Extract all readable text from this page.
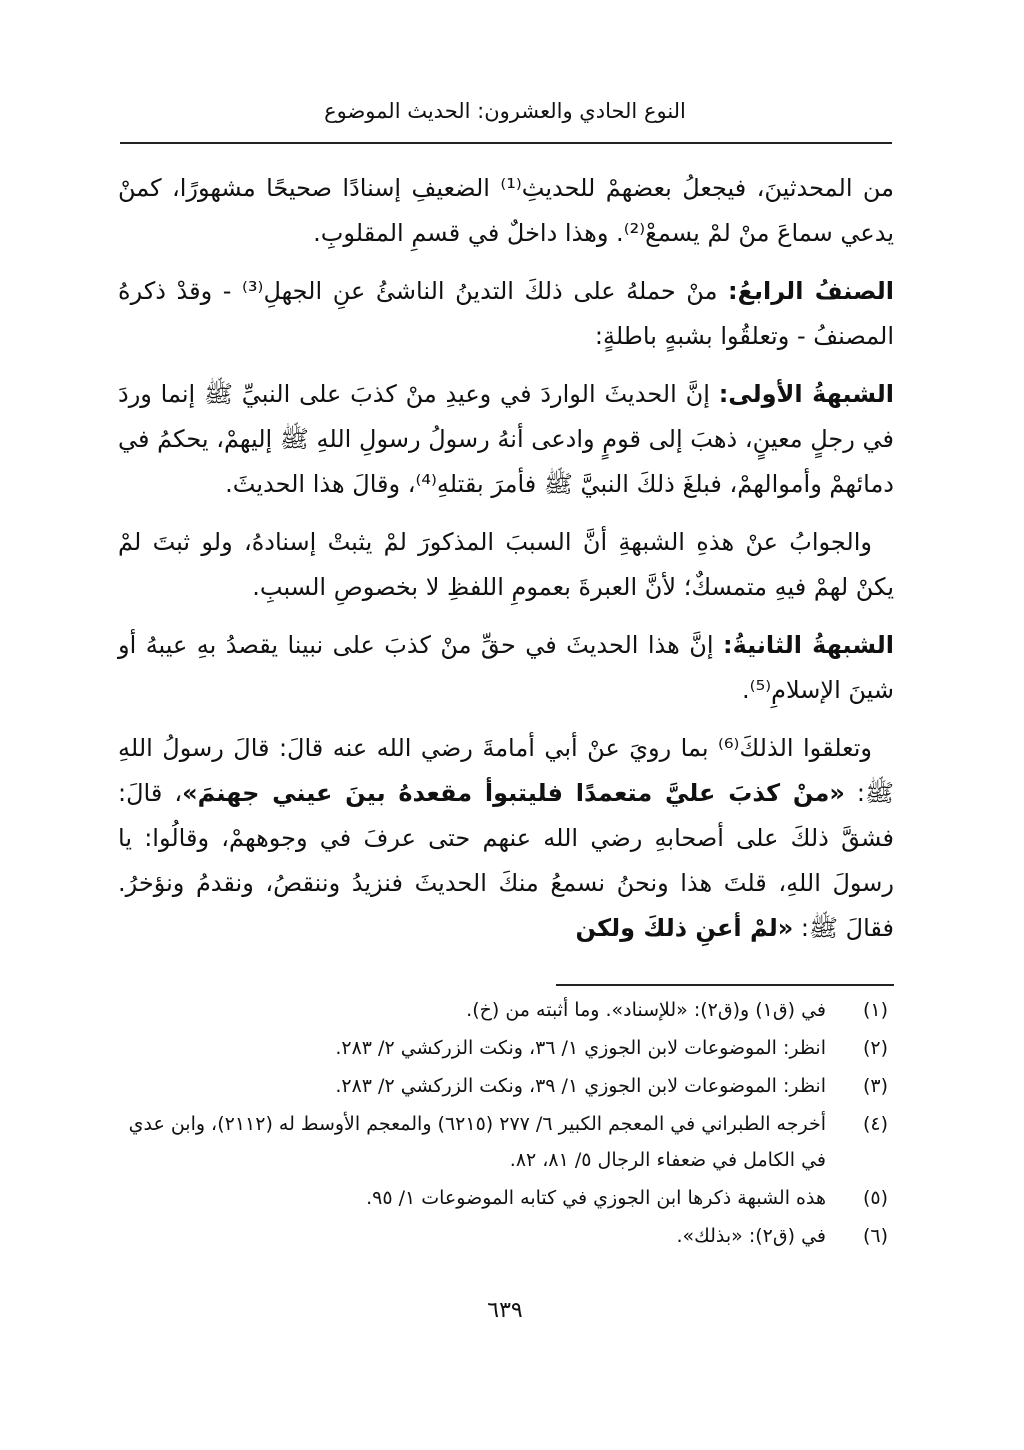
النوع الحادي والعشرون: الحديث الموضوع

من المحدثينَ، فيجعلُ بعضهمْ للحديثِ⁽¹⁾ الضعيفِ إسنادًا صحيحًا مشهورًا، كمنْ يدعي سماعَ منْ لمْ يسمعْ⁽²⁾. وهذا داخلٌ في قسمِ المقلوبِ.

الصنفُ الرابعُ: منْ حملهُ على ذلكَ التدينُ الناشئُ عنِ الجهلِ⁽³⁾ - وقدْ ذكرهُ المصنفُ - وتعلقُوا بشبهٍ باطلةٍ:

الشبهةُ الأولى: إنَّ الحديثَ الواردَ في وعيدِ منْ كذبَ على النبيِّ ﷺ إنما وردَ في رجلٍ معينٍ، ذهبَ إلى قومٍ وادعى أنهُ رسولُ رسولِ اللهِ ﷺ إليهمْ، يحكمُ في دمائهمْ وأموالهمْ، فبلغَ ذلكَ النبيَّ ﷺ فأمرَ بقتلهِ⁽⁴⁾، وقالَ هذا الحديثَ.

والجوابُ عنْ هذهِ الشبهةِ أنَّ السببَ المذكورَ لمْ يثبتْ إسنادهُ، ولو ثبتَ لمْ يكنْ لهمْ فيهِ متمسكٌ؛ لأنَّ العبرةَ بعمومِ اللفظِ لا بخصوصِ السببِ.

الشبهةُ الثانيةُ: إنَّ هذا الحديثَ في حقِّ منْ كذبَ على نبينا يقصدُ بهِ عيبهُ أو شينَ الإسلامِ⁽⁵⁾.

وتعلقوا الذلكَ⁽⁶⁾ بما رويَ عنْ أبي أمامةَ رضي الله عنه قالَ: قالَ رسولُ اللهِ ﷺ: «منْ كذبَ عليَّ متعمدًا فليتبوأ مقعدهُ بينَ عيني جهنمَ»، قالَ: فشقَّ ذلكَ على أصحابهِ رضي الله عنهم حتى عرفَ في وجوههمْ، وقالُوا: يا رسولَ اللهِ، قلتَ هذا ونحنُ نسمعُ منكَ الحديثَ فنزيدُ وننقصُ، ونقدمُ ونؤخرُ. فقالَ ﷺ: «لمْ أعنِ ذلكَ ولكن

(١)
في (ق١) و(ق٢): «للإسناد». وما أثبته من (خ).
(٢)
انظر: الموضوعات لابن الجوزي ١/ ٣٦، ونكت الزركشي ٢/ ٢٨٣.
(٣)
انظر: الموضوعات لابن الجوزي ١/ ٣٩، ونكت الزركشي ٢/ ٢٨٣.
(٤)
أخرجه الطبراني في المعجم الكبير ٦/ ٢٧٧ (٦٢١٥) والمعجم الأوسط له (٢١١٢)، وابن عدي في الكامل في ضعفاء الرجال ٥/ ٨١، ٨٢.
(٥)
هذه الشبهة ذكرها ابن الجوزي في كتابه الموضوعات ١/ ٩٥.
(٦)
في (ق٢): «بذلك».
٦٣٩
